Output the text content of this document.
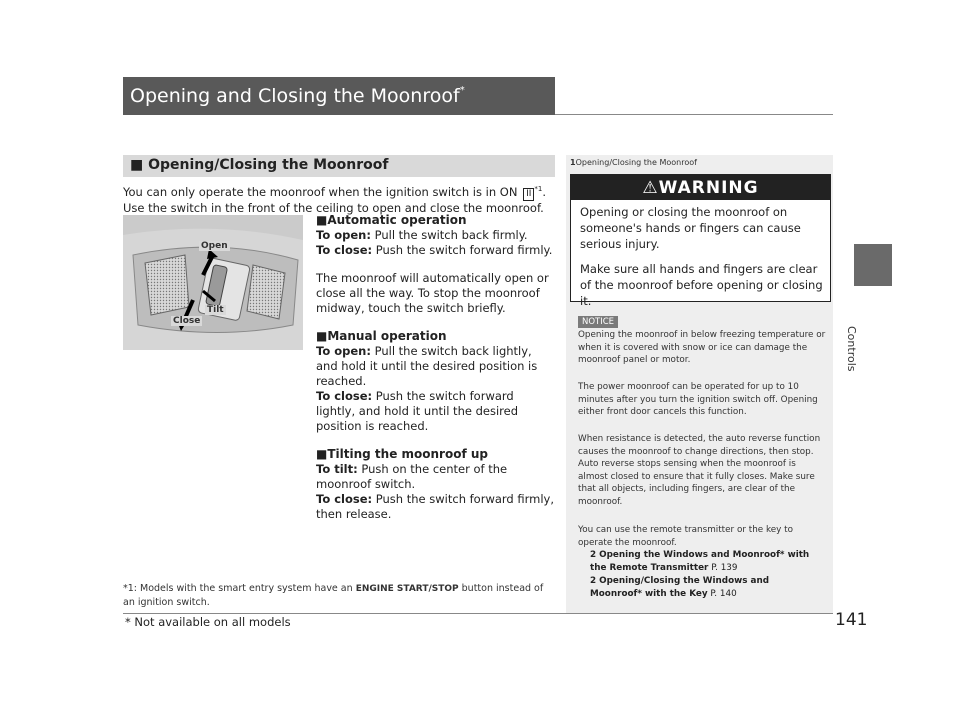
Opening and Closing the Moonroof*
Controls
141
■ Opening/Closing the Moonroof
You can only operate the moonroof when the ignition switch is in ON II $^{*1}$. Use the switch in the front of the ceiling to open and close the moonroof.
Open
Tilt
Close
■Automatic operation
To open: Pull the switch back firmly.
To close: Push the switch forward firmly.
The moonroof will automatically open or close all the way. To stop the moonroof midway, touch the switch briefly.
■Manual operation
To open: Pull the switch back lightly, and hold it until the desired position is reached.
To close: Push the switch forward lightly, and hold it until the desired position is reached.
■Tilting the moonroof up
To tilt: Push on the center of the moonroof switch.
To close: Push the switch forward firmly, then release.
*1: Models with the smart entry system have an ENGINE START/STOP button instead of an ignition switch.
* Not available on all models
1Opening/Closing the Moonroof
⚠WARNING
Opening or closing the moonroof on someone's hands or fingers can cause serious injury.
Make sure all hands and fingers are clear of the moonroof before opening or closing it.
NOTICE
Opening the moonroof in below freezing temperature or when it is covered with snow or ice can damage the moonroof panel or motor.
The power moonroof can be operated for up to 10 minutes after you turn the ignition switch off. Opening either front door cancels this function.
When resistance is detected, the auto reverse function causes the moonroof to change directions, then stop. Auto reverse stops sensing when the moonroof is almost closed to ensure that it fully closes. Make sure that all objects, including fingers, are clear of the moonroof.
You can use the remote transmitter or the key to operate the moonroof.
2 Opening the Windows and Moonroof* with the Remote Transmitter P. 139
2 Opening/Closing the Windows and Moonroof* with the Key P. 140
